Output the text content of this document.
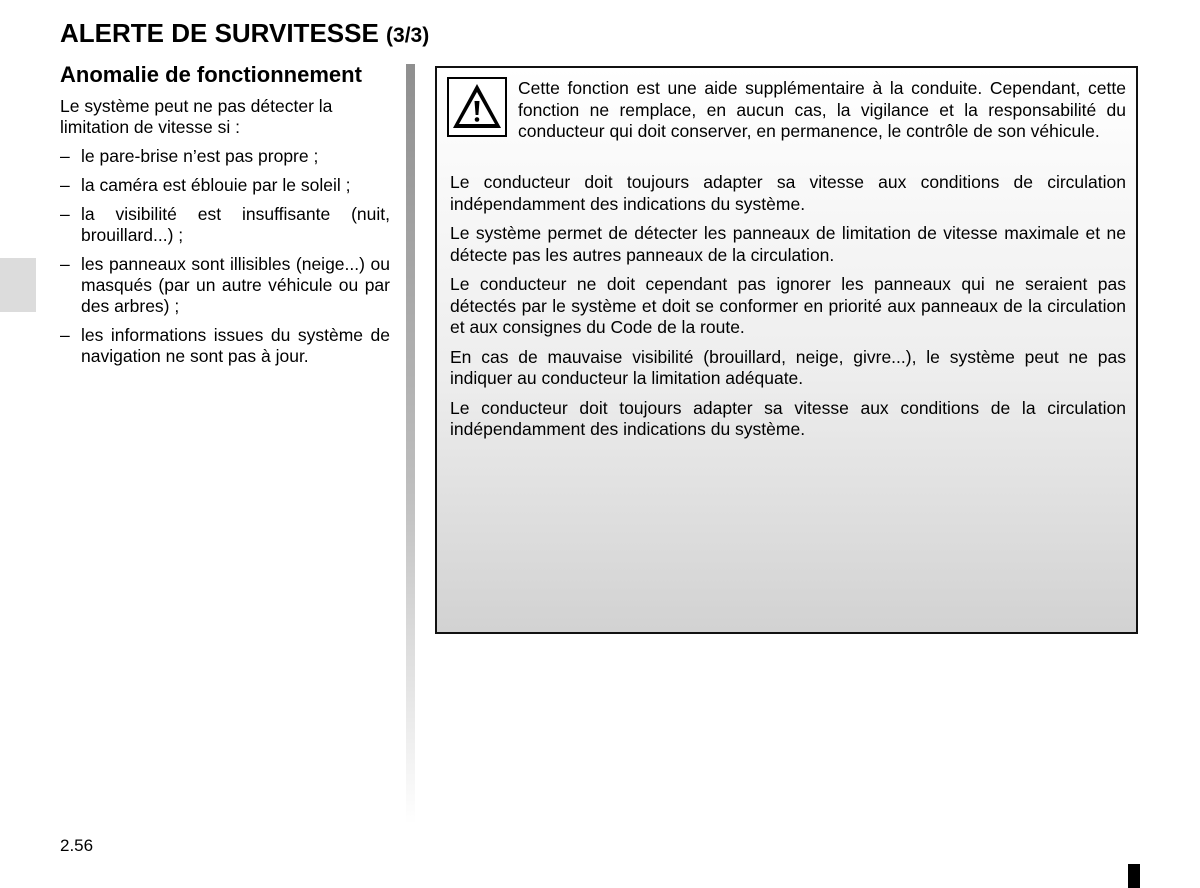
ALERTE DE SURVITESSE (3/3)
Anomalie de fonctionnement

Le système peut ne pas détecter la limitation de vitesse si :

– le pare-brise n’est pas propre ;
– la caméra est éblouie par le soleil ;
– la visibilité est insuffisante (nuit, brouillard...) ;
– les panneaux sont illisibles (neige...) ou masqués (par un autre véhicule ou par des arbres) ;
– les informations issues du système de navigation ne sont pas à jour.

Cette fonction est une aide supplémentaire à la conduite. Cependant, cette fonction ne remplace, en aucun cas, la vigilance et la responsabilité du conducteur qui doit conserver, en permanence, le contrôle de son véhicule.

Le conducteur doit toujours adapter sa vitesse aux conditions de circulation indépendamment des indications du système.

Le système permet de détecter les panneaux de limitation de vitesse maximale et ne détecte pas les autres panneaux de la circulation.

Le conducteur ne doit cependant pas ignorer les panneaux qui ne seraient pas détectés par le système et doit se conformer en priorité aux panneaux de la circulation et aux consignes du Code de la route.

En cas de mauvaise visibilité (brouillard, neige, givre...), le système peut ne pas indiquer au conducteur la limitation adéquate.

Le conducteur doit toujours adapter sa vitesse aux conditions de la circulation indépendamment des indications du système.

2.56
